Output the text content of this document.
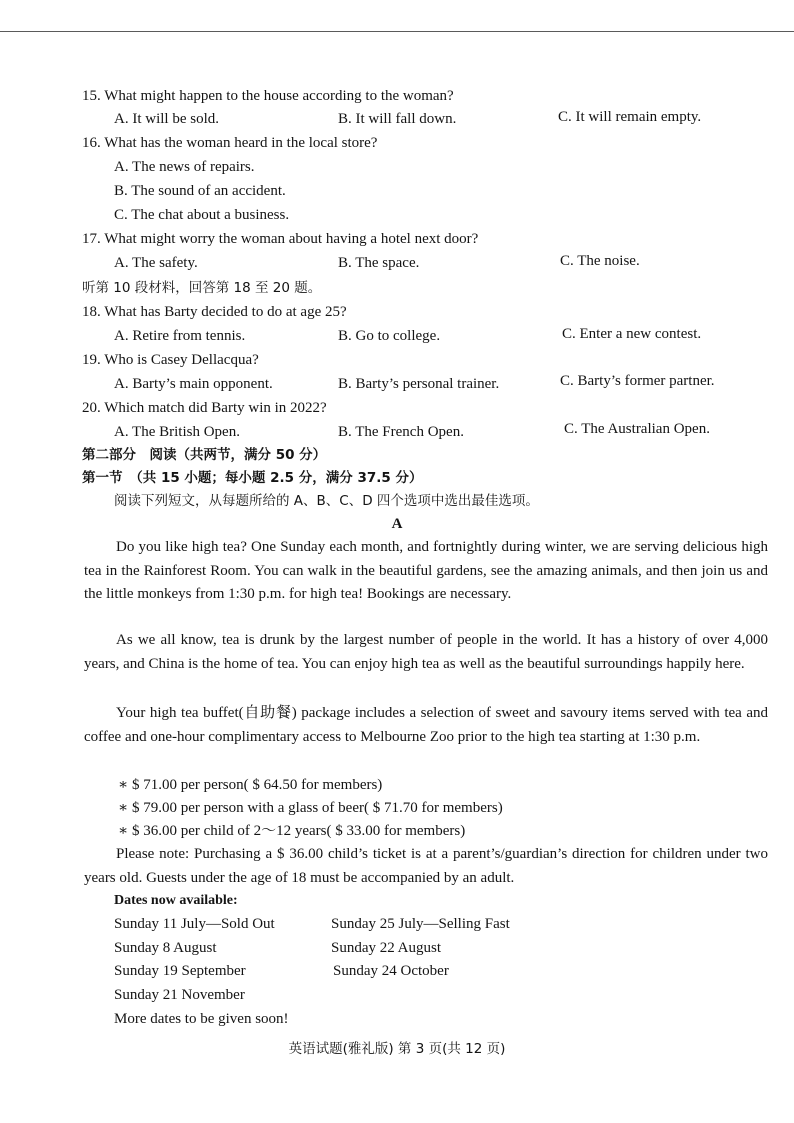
15. What might happen to the house according to the woman?
A. It will be sold.	B. It will fall down.	C. It will remain empty.
16. What has the woman heard in the local store?
A. The news of repairs.
B. The sound of an accident.
C. The chat about a business.
17. What might worry the woman about having a hotel next door?
A. The safety.	B. The space.	C. The noise.
听第 10 段材料，回答第 18 至 20 题。
18. What has Barty decided to do at age 25?
A. Retire from tennis.	B. Go to college.	C. Enter a new contest.
19. Who is Casey Dellacqua?
A. Barty’s main opponent.	B. Barty’s personal trainer.	C. Barty’s former partner.
20. Which match did Barty win in 2022?
A. The British Open.	B. The French Open.	C. The Australian Open.
第二部分　阅读（共两节，满分 50 分）
第一节　（共 15 小题；每小题 2.5 分，满分 37.5 分）
阅读下列短文，从每题所给的 A、B、C、D 四个选项中选出最佳选项。
A

Do you like high tea? One Sunday each month, and fortnightly during winter, we are serving delicious high tea in the Rainforest Room. You can walk in the beautiful gardens, see the amazing animals, and then join us and the little monkeys from 1:30 p.m. for high tea! Bookings are necessary.

As we all know, tea is drunk by the largest number of people in the world. It has a history of over 4,000 years, and China is the home of tea. You can enjoy high tea as well as the beautiful surroundings happily here.

Your high tea buffet(自助餐) package includes a selection of sweet and savoury items served with tea and coffee and one-hour complimentary access to Melbourne Zoo prior to the high tea starting at 1:30 p.m.

∗ $ 71.00 per person( $ 64.50 for members)
∗ $ 79.00 per person with a glass of beer( $ 71.70 for members)
∗ $ 36.00 per child of 2～12 years( $ 33.00 for members)

Please note: Purchasing a $ 36.00 child’s ticket is at a parent’s/guardian’s direction for children under two years old. Guests under the age of 18 must be accompanied by an adult.

Dates now available:
Sunday 11 July—Sold Out	Sunday 25 July—Selling Fast
Sunday 8 August	Sunday 22 August
Sunday 19 September	Sunday 24 October
Sunday 21 November
More dates to be given soon!
英语试题(雅礼版) 第 3 页(共 12 页)
